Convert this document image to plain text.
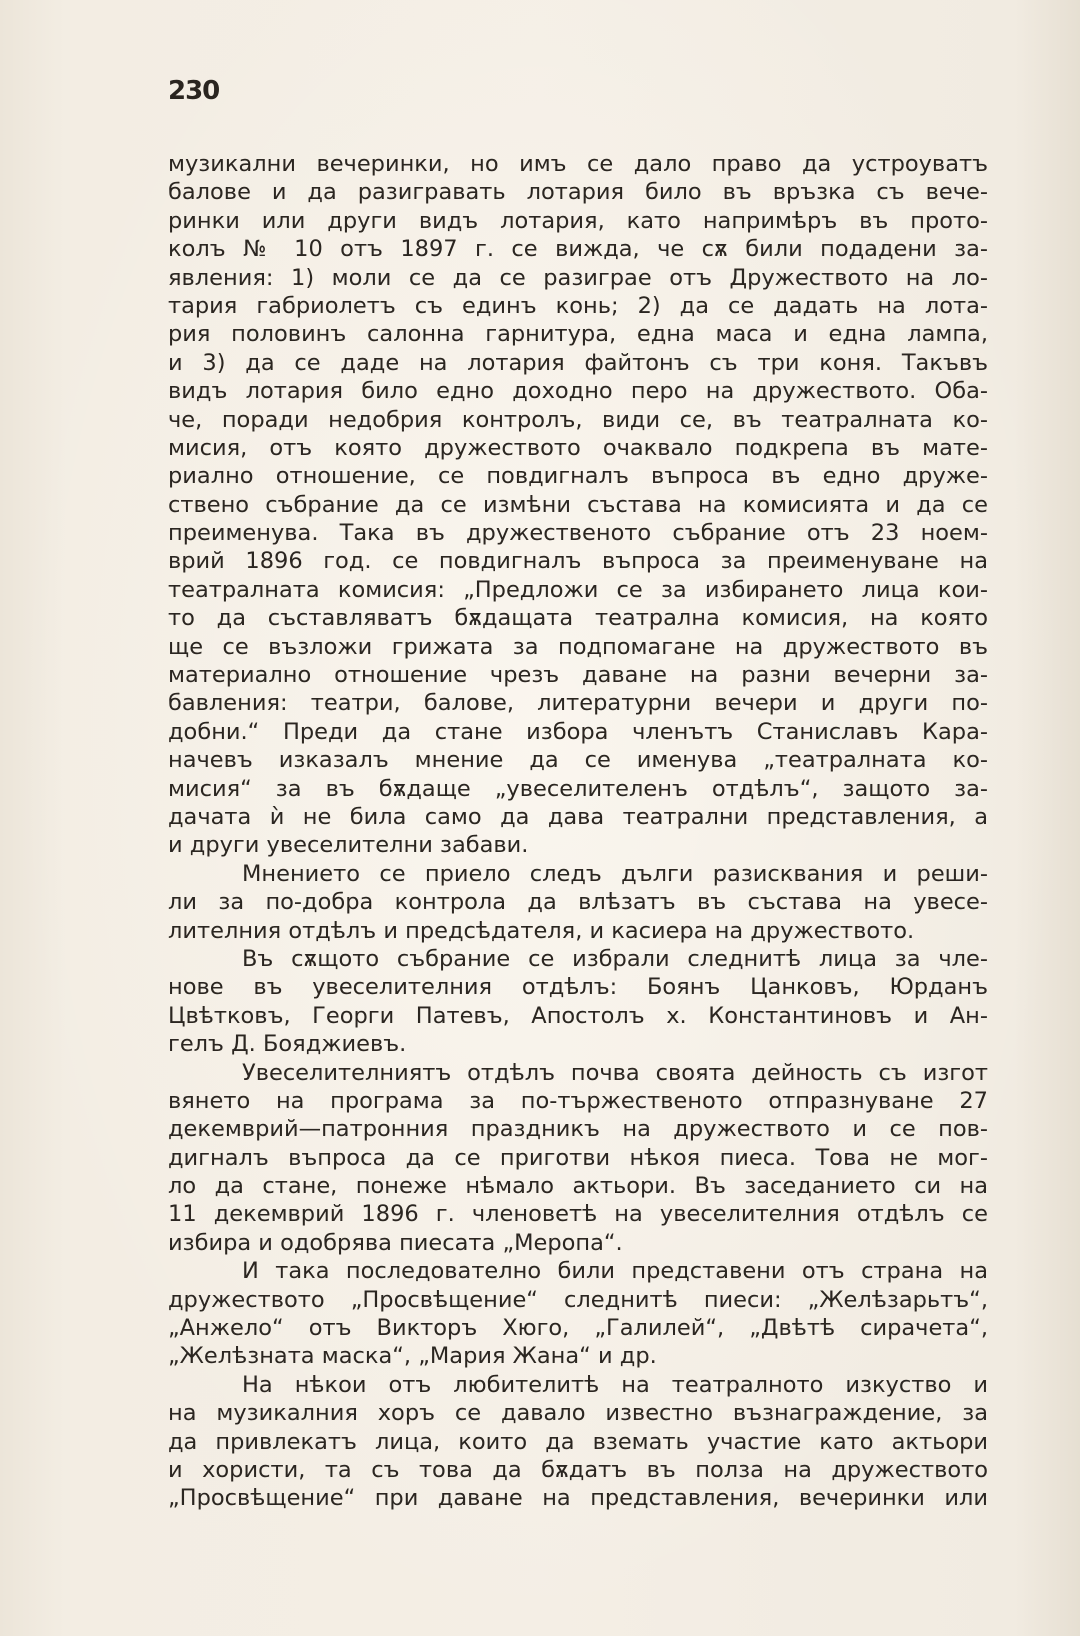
230
музикални вечеринки, но имъ се дало право да устроyватъ
балове и да разигравать лотария било въ връзка съ вече-
ринки или други видъ лотария, като напримѣръ въ прото-
колъ № 10 отъ 1897 г. се вижда, че сѫ били подадени за-
явления: 1) моли се да се разиграе отъ Дружеството на ло-
тария габриолетъ съ единъ конь; 2) да се дадать на лота-
рия половинъ салонна гарнитура, една маса и една лампа,
и 3) да се даде на лотария файтонъ съ три коня. Такъвъ
видъ лотария било едно доходно перо на дружеството. Оба-
че, поради недобрия контролъ, види се, въ театралната ко-
мисия, отъ която дружеството очаквало подкрепа въ мате-
риално отношение, се повдигналъ въпроса въ едно друже-
ствено събрание да се измѣни състава на комисията и да се
преименува. Така въ дружественото събрание отъ 23 ноем-
врий 1896 год. се повдигналъ въпроса за преименуване на
театралната комисия: „Предложи се за избирането лица кои-
то да съставляватъ бѫдащата театрална комисия, на която
ще се възложи грижата за подпомагане на дружеството въ
материално отношение чрезъ даване на разни вечерни за-
бавления: театри, балове, литературни вечери и други по-
добни.“ Преди да стане избора членътъ Станиславъ Кара-
начевъ изказалъ мнение да се именува „театралната ко-
мисия“ за въ бѫдаще „увеселителенъ отдѣлъ“, защото за-
дачата ѝ не била само да дава театрални представления, а
и други увеселителни забави.
Мнението се приело следъ дълги разисквания и реши-
ли за по-добра контрола да влѣзатъ въ състава на увесе-
лителния отдѣлъ и предсѣдателя, и касиера на дружеството.
Въ сѫщото събрание се избрали следнитѣ лица за чле-
нове въ увеселителния отдѣлъ: Боянъ Цанковъ, Юрданъ
Цвѣтковъ, Георги Патевъ, Апостолъ х. Константиновъ и Ан-
гелъ Д. Бояджиевъ.
Увеселителниятъ отдѣлъ почва своята дейность съ изгот
вянето на програма за по-тържественото отпразнуване 27
декемврий—патронния праздникъ на дружеството и се пов-
дигналъ въпроса да се приготви нѣкоя пиеса. Това не мог-
ло да стане, понеже нѣмало актьори. Въ заседанието си на
11 декемврий 1896 г. членоветѣ на увеселителния отдѣлъ се
избира и одобрява пиесата „Меропа“.
И така последователно били представени отъ страна на
дружеството „Просвѣщение“ следнитѣ пиеси: „Желѣзарьтъ“,
„Анжело“ отъ Викторъ Хюго, „Галилей“, „Двѣтѣ сирачета“,
„Желѣзната маска“, „Мария Жана“ и др.
На нѣкои отъ любителитѣ на театралното изкуство и
на музикалния хоръ се давало известно възнаграждение, за
да привлекатъ лица, които да вземать участие като актьори
и хористи, та съ това да бѫдатъ въ полза на дружеството
„Просвѣщение“ при даване на представления, вечеринки или
